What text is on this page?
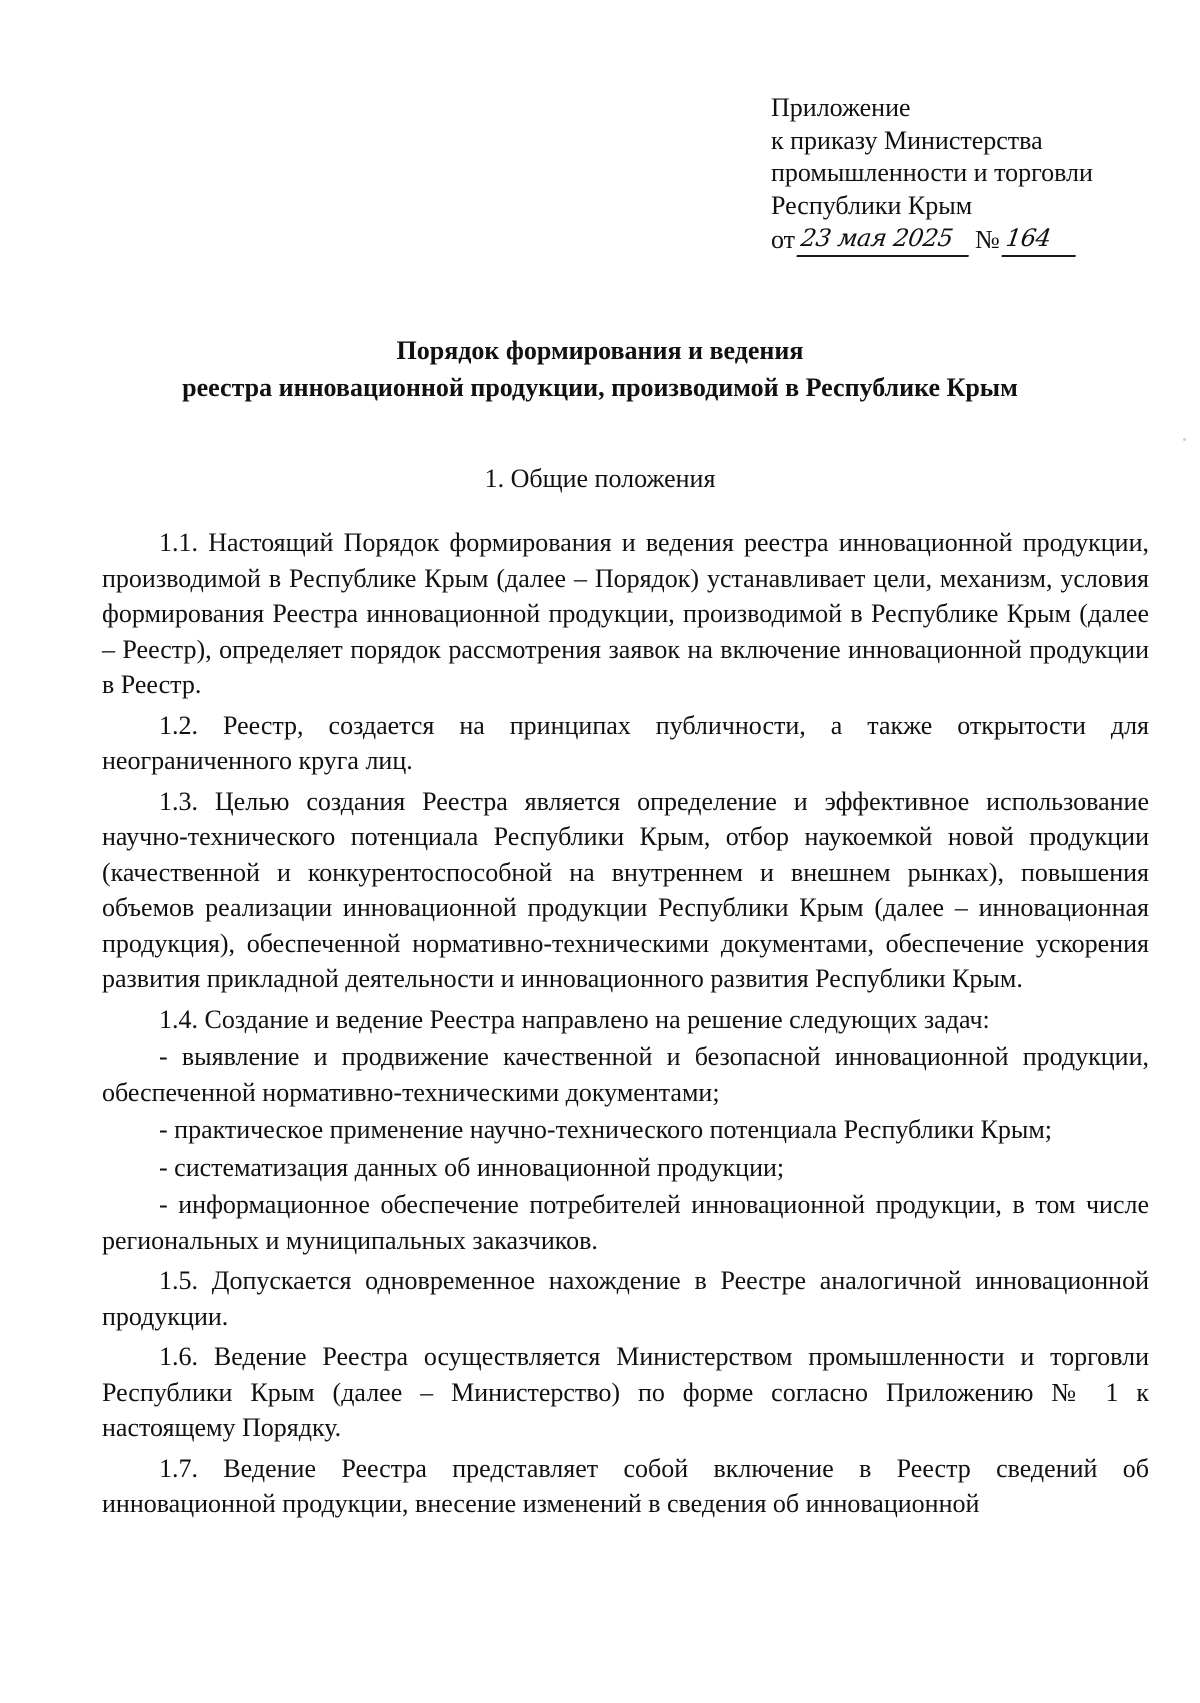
Приложение
к приказу Министерства
промышленности и торговли
Республики Крым
от 23 мая 2025 № 164
Порядок формирования и ведения
реестра инновационной продукции, производимой в Республике Крым
1. Общие положения

1.1. Настоящий Порядок формирования и ведения реестра инновационной продукции, производимой в Республике Крым (далее – Порядок) устанавливает цели, механизм, условия формирования Реестра инновационной продукции, производимой в Республике Крым (далее – Реестр), определяет порядок рассмотрения заявок на включение инновационной продукции в Реестр.

1.2. Реестр, создается на принципах публичности, а также открытости для неограниченного круга лиц.

1.3. Целью создания Реестра является определение и эффективное использование научно-технического потенциала Республики Крым, отбор наукоемкой новой продукции (качественной и конкурентоспособной на внутреннем и внешнем рынках), повышения объемов реализации инновационной продукции Республики Крым (далее – инновационная продукция), обеспеченной нормативно-техническими документами, обеспечение ускорения развития прикладной деятельности и инновационного развития Республики Крым.

1.4. Создание и ведение Реестра направлено на решение следующих задач:

- выявление и продвижение качественной и безопасной инновационной продукции, обеспеченной нормативно-техническими документами;

- практическое применение научно-технического потенциала Республики Крым;

- систематизация данных об инновационной продукции;

- информационное обеспечение потребителей инновационной продукции, в том числе региональных и муниципальных заказчиков.

1.5. Допускается одновременное нахождение в Реестре аналогичной инновационной продукции.

1.6. Ведение Реестра осуществляется Министерством промышленности и торговли Республики Крым (далее – Министерство) по форме согласно Приложению № 1 к настоящему Порядку.

1.7. Ведение Реестра представляет собой включение в Реестр сведений об инновационной продукции, внесение изменений в сведения об инновационной
